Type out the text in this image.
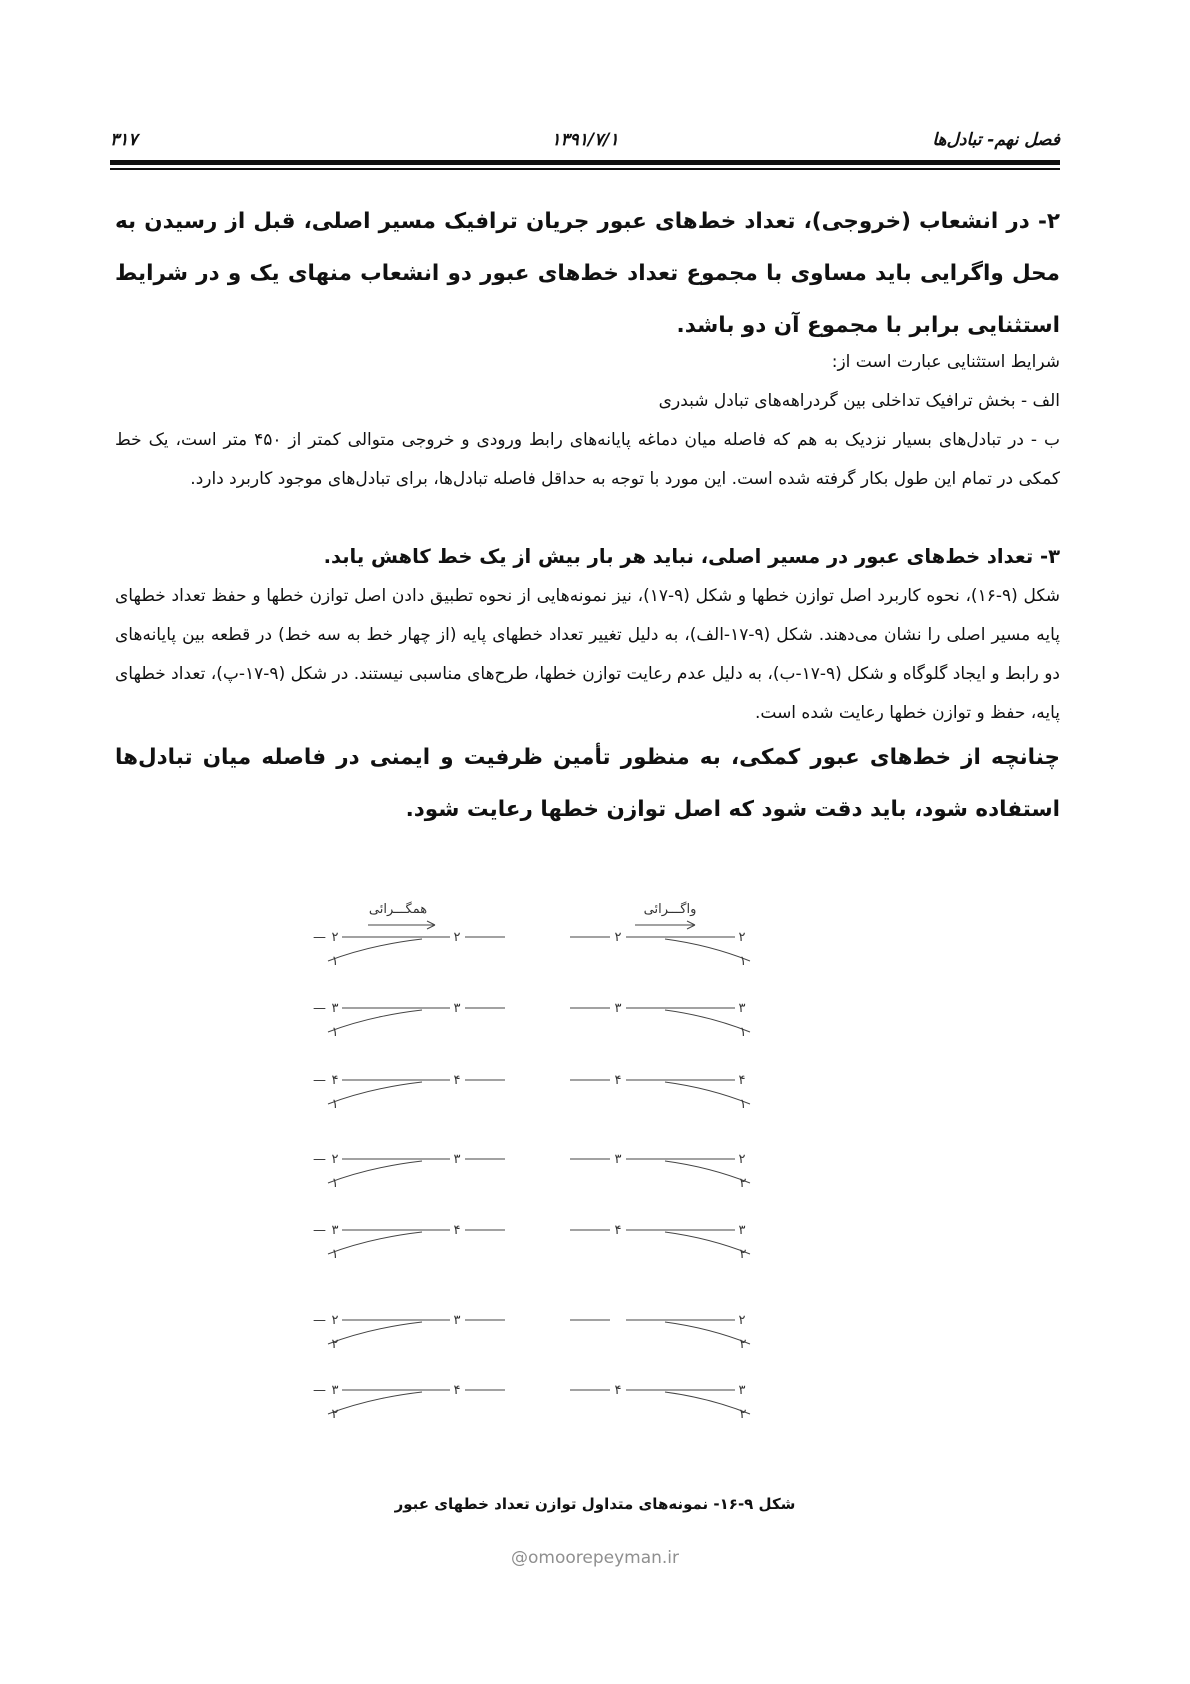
۳۱۷	۱۳۹۱/۷/۱	فصل نهم- تبادل‌ها

۲- در انشعاب (خروجی)، تعداد خط‌های عبور جریان ترافیک مسیر اصلی، قبل از رسیدن به محل واگرایی باید مساوی با مجموع تعداد خط‌های عبور دو انشعاب منهای یک و در شرایط استثنایی برابر با مجموع آن دو باشد.

شرایط استثنایی عبارت است از:

الف - بخش ترافیک تداخلی بین گردراهه‌های تبادل شبدری

ب - در تبادل‌های بسیار نزدیک به هم که فاصله میان دماغه پایانه‌های رابط ورودی و خروجی متوالی کمتر از ۴۵۰ متر است، یک خط کمکی در تمام این طول بکار گرفته شده است. این مورد با توجه به حداقل فاصله تبادل‌ها، برای تبادل‌های موجود کاربرد دارد.

۳- تعداد خط‌های عبور در مسیر اصلی، نباید هر بار بیش از یک خط کاهش یابد.

شکل (۹-۱۶)، نحوه کاربرد اصل توازن خطها و شکل (۹-۱۷)، نیز نمونه‌هایی از نحوه تطبیق دادن اصل توازن خطها و حفظ تعداد خطهای پایه مسیر اصلی را نشان می‌دهند. شکل (۹-۱۷-الف)، به دلیل تغییر تعداد خطهای پایه (از چهار خط به سه خط) در قطعه بین پایانه‌های دو رابط و ایجاد گلوگاه و شکل (۹-۱۷-ب)، به دلیل عدم رعایت توازن خطها، طرح‌های مناسبی نیستند. در شکل (۹-۱۷-پ)، تعداد خطهای پایه، حفظ و توازن خطها رعایت شده است.

چنانچه از خط‌های عبور کمکی، به منظور تأمین ظرفیت و ایمنی در فاصله میان تبادل‌ها استفاده شود، باید دقت شود که اصل توازن خطها رعایت شود.

همگـــرائی	واگـــرائی
— ۲	۲
۱
۲	۲
۱
— ۳	۳
۱
۳	۳
۱
— ۴	۴
۱
۴	۴
۱
— ۲	۳
۱
۳	۲
۲
— ۳	۴
۱
۴	۳
۲
— ۲	۳
۲
۲
۲
— ۳	۴
۲
۴	۳
۲
شکل ۹-۱۶- نمونه‌های متداول توازن تعداد خطهای عبور
@omoorepeyman.ir
